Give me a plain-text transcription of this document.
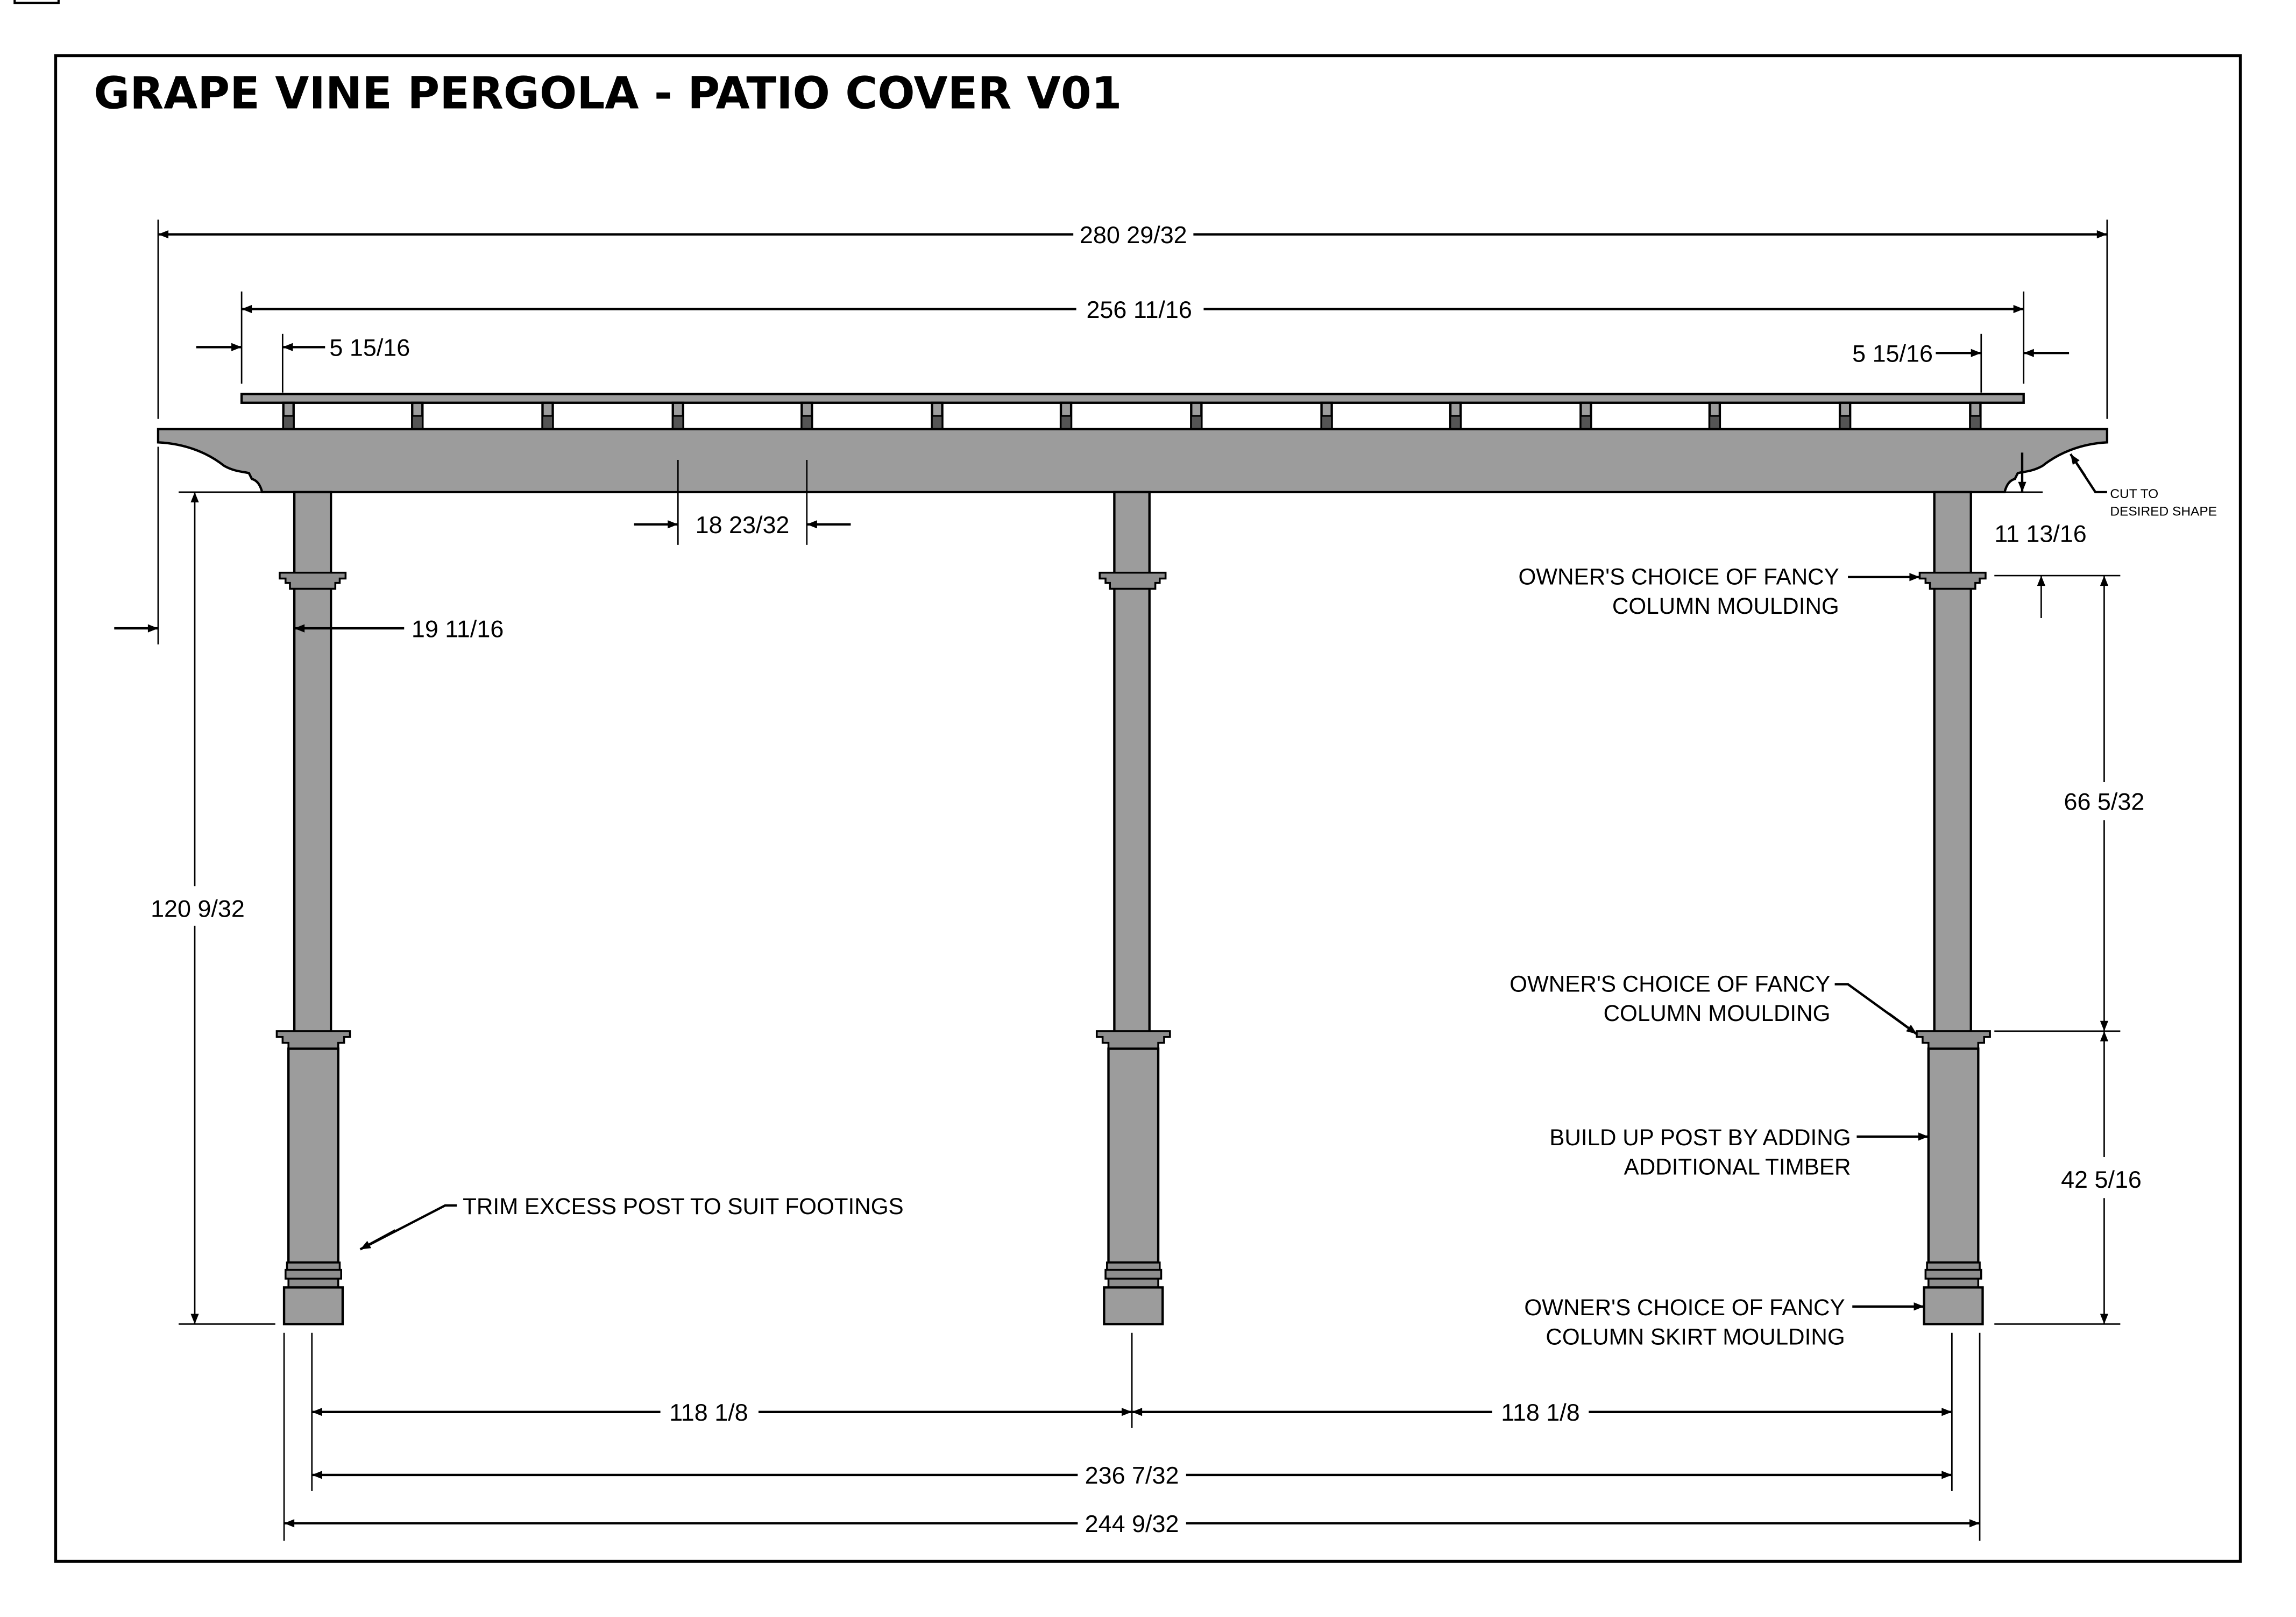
GRAPE VINE PERGOLA - PATIO COVER V01
280 29/32
256 11/16
5 15/16	5 15/16
18 23/32
19 11/16
11 13/16
CUT TO
DESIRED SHAPE
120 9/32
66 5/32
42 5/16
OWNER'S CHOICE OF FANCY
COLUMN MOULDING
OWNER'S CHOICE OF FANCY
COLUMN MOULDING
BUILD UP POST BY ADDING
ADDITIONAL TIMBER
OWNER'S CHOICE OF FANCY
COLUMN SKIRT MOULDING
TRIM EXCESS POST TO SUIT FOOTINGS
118 1/8	118 1/8
236 7/32
244 9/32
